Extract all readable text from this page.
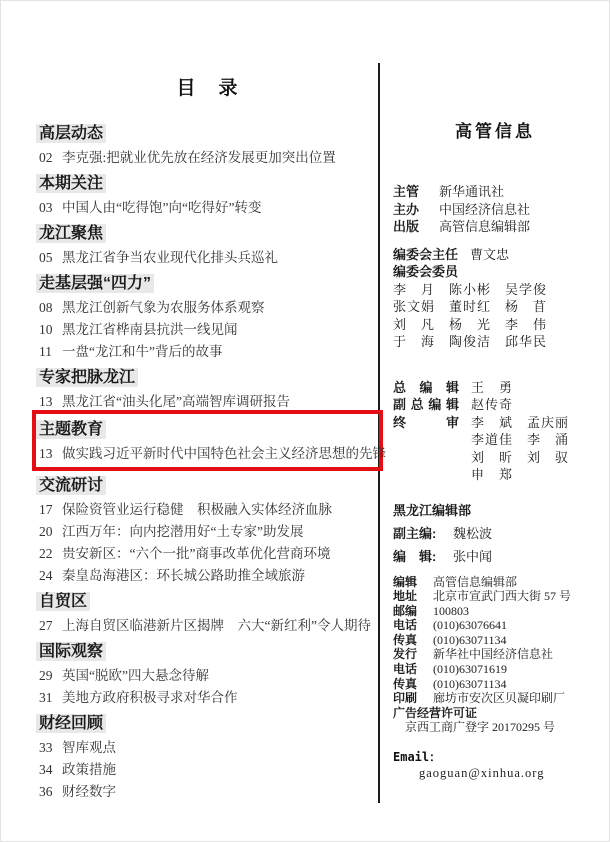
目　录
高层动态
02 李克强:把就业优先放在经济发展更加突出位置
本期关注
03 中国人由“吃得饱”向“吃得好”转变
龙江聚焦
05 黑龙江省争当农业现代化排头兵巡礼
走基层强“四力”
08 黑龙江创新气象为农服务体系观察
10 黑龙江省桦南县抗洪一线见闻
11 一盘“龙江和牛”背后的故事
专家把脉龙江
13 黑龙江省“油头化尾”高端智库调研报告
主题教育
13 做实践习近平新时代中国特色社会主义经济思想的先锋
交流研讨
17 保险资管业运行稳健　积极融入实体经济血脉
20 江西万年：向内挖潜用好“土专家”助发展
22 贵安新区：“六个一批”商事改革优化营商环境
24 秦皇岛海港区：环长城公路助推全域旅游
自贸区
27 上海自贸区临港新片区揭牌　六大“新红利”令人期待
国际观察
29 英国“脱欧”四大悬念待解
31 美地方政府积极寻求对华合作
财经回顾
33 智库观点
34 政策措施
36 财经数字
高管信息
主管	新华通讯社
主办	中国经济信息社
出版	高管信息编辑部
编委会主任 曹文忠
编委会委员
李　月　陈小彬　吴学俊
张文娟　董时红　杨　苜
刘　凡　杨　光　李　伟
于　海　陶俊洁　邱华民
总编辑 王　勇
副总编辑 赵传奇
终审 李　斌　孟庆丽
李道佳　李　涌
刘　昕　刘　驭
申　郑
黑龙江编辑部
副主编:	魏松波
编　辑:	张中闻
编辑	高管信息编辑部
地址	北京市宣武门西大街 57 号
邮编	100803
电话	(010)63076641
传真	(010)63071134
发行	新华社中国经济信息社
电话	(010)63071619
传真	(010)63071134
印刷	廊坊市安次区贝凝印刷厂
广告经营许可证
京西工商广登字 20170295 号
Email：
gaoguan@xinhua.org
